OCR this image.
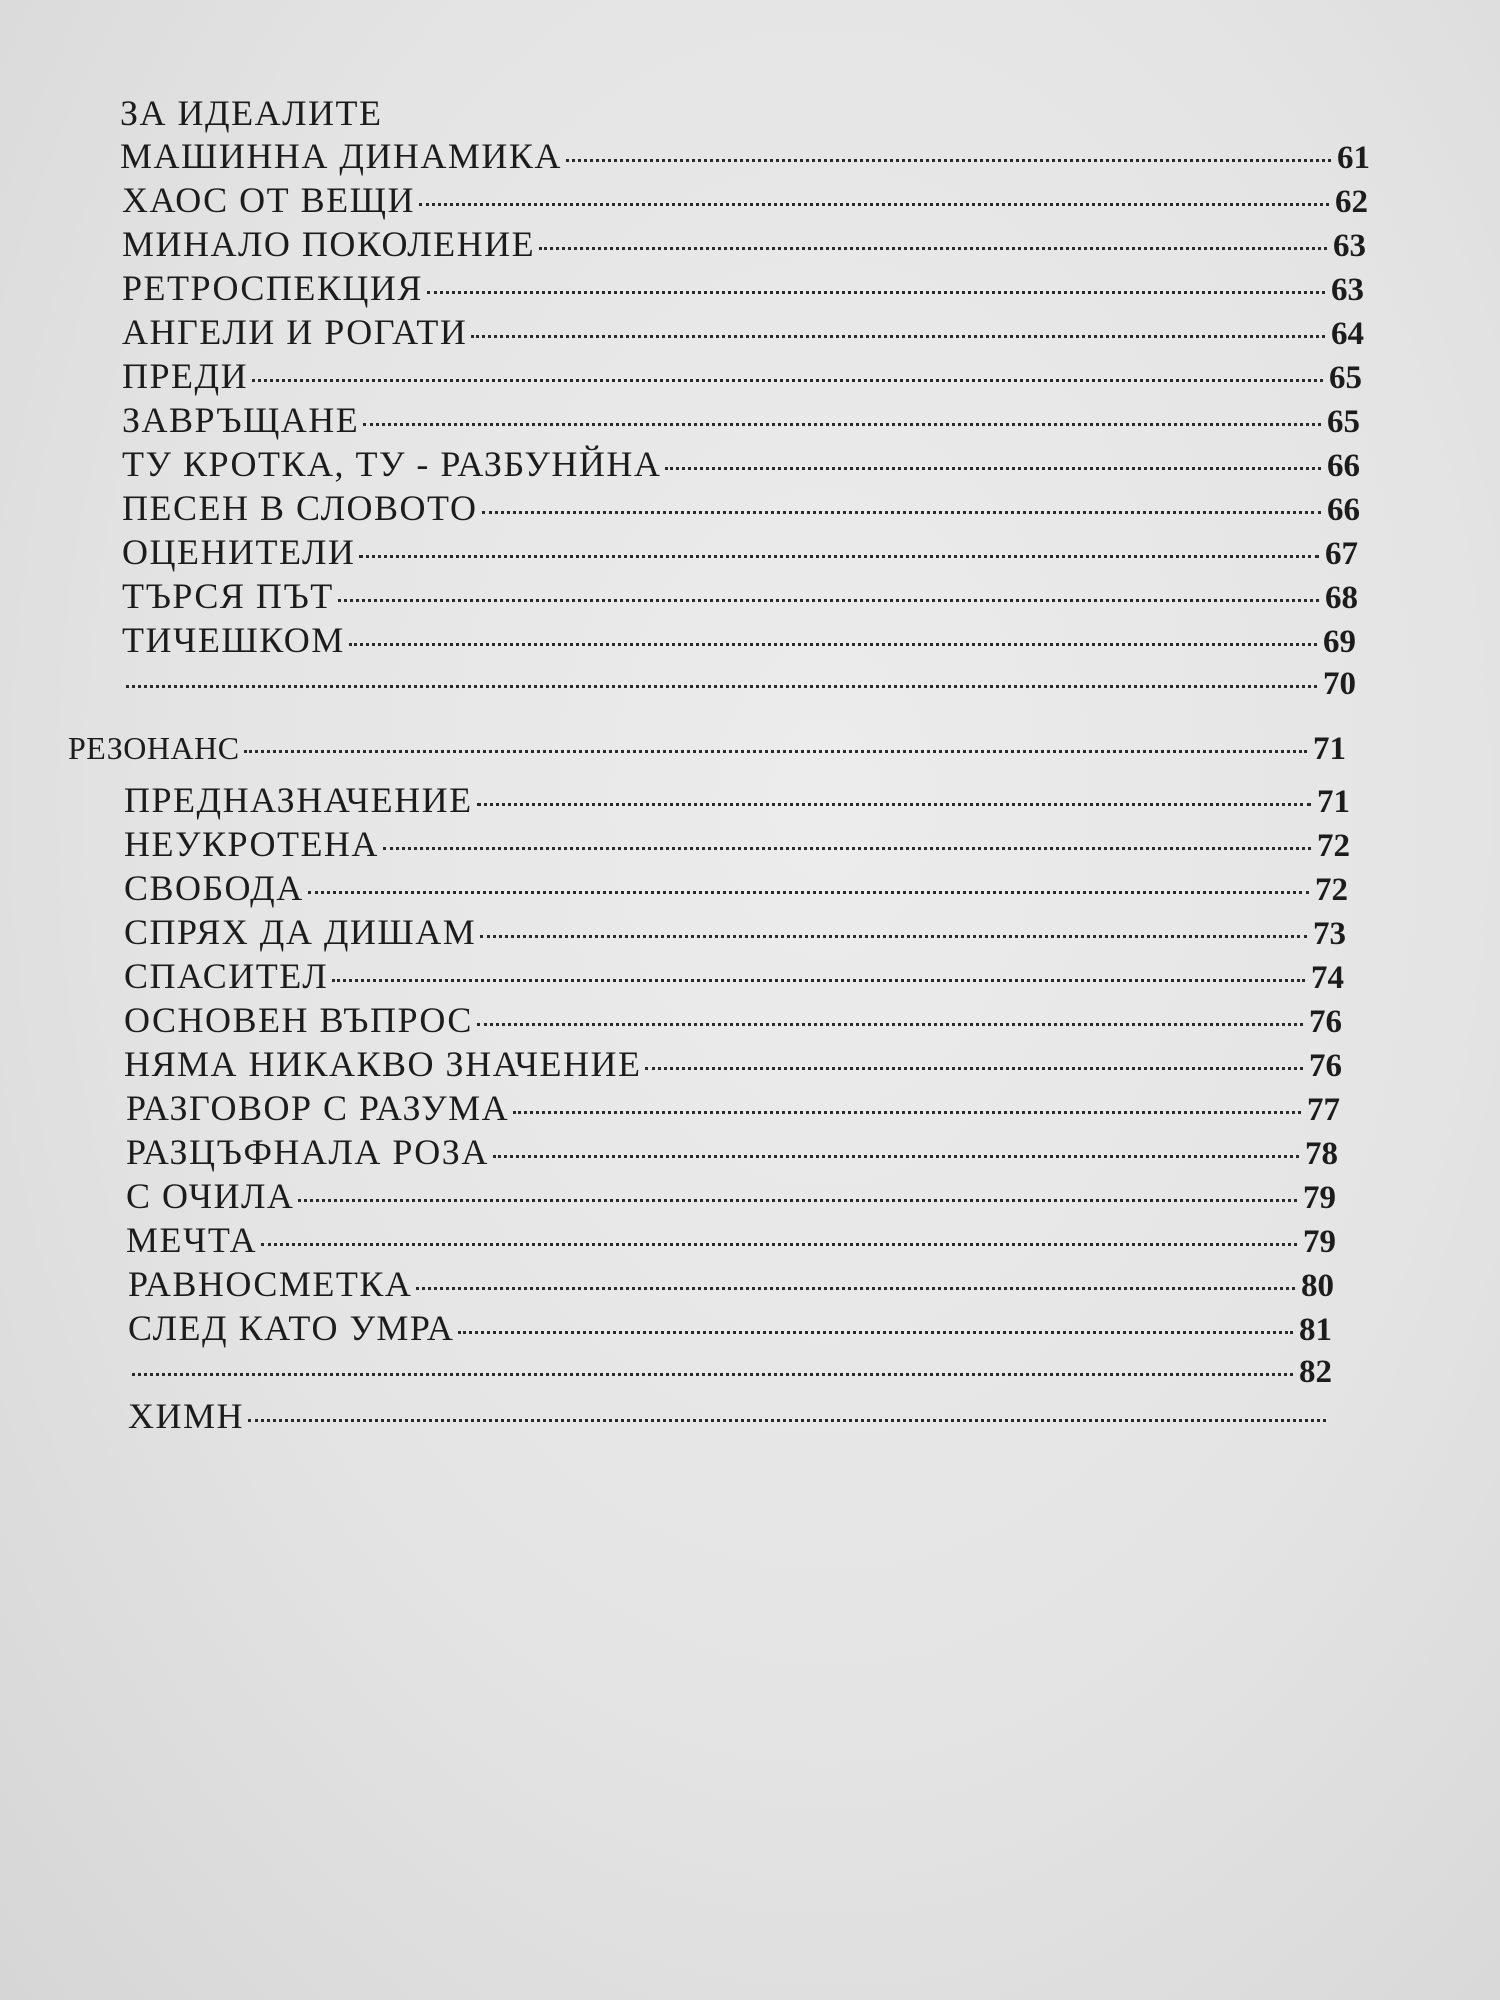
ЗА ИДЕАЛИТЕ
МАШИННА ДИНАМИКА	61
ХАОС ОТ ВЕЩИ	62
МИНАЛО ПОКОЛЕНИЕ	63
РЕТРОСПЕКЦИЯ	63
АНГЕЛИ И РОГАТИ	64
ПРЕДИ	65
ЗАВРЪЩАНЕ	65
ТУ КРОТКА, ТУ - РАЗБУНЙНА	66
ПЕСЕН В СЛОВОТО	66
ОЦЕНИТЕЛИ	67
ТЪРСЯ ПЪТ	68
ТИЧЕШКОМ	69
70
РЕЗОНАНС	71
ПРЕДНАЗНАЧЕНИЕ	71
НЕУКРОТЕНА	72
СВОБОДА	72
СПРЯХ ДА ДИШАМ	73
СПАСИТЕЛ	74
ОСНОВЕН ВЪПРОС	76
НЯМА НИКАКВО ЗНАЧЕНИЕ	76
РАЗГОВОР С РАЗУМА	77
РАЗЦЪФНАЛА РОЗА	78
С ОЧИЛА	79
МЕЧТА	79
РАВНОСМЕТКА	80
СЛЕД КАТО УМРА	81
82
ХИМН
